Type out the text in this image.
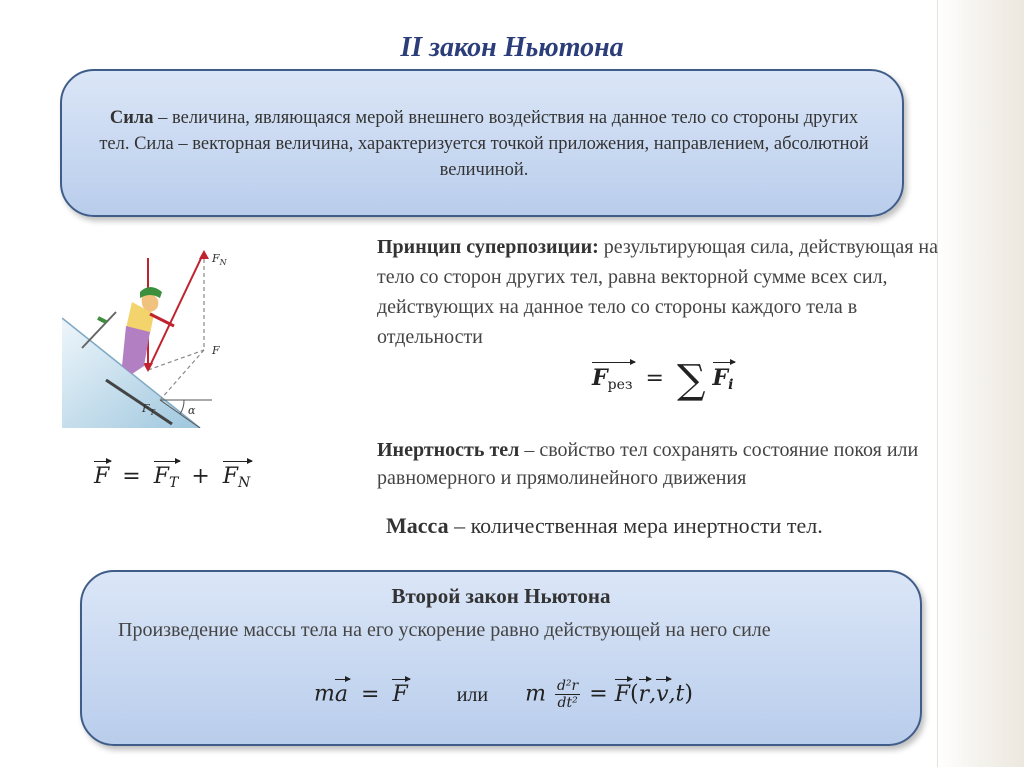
II закон Ньютона
Сила – величина, являющаяся мерой внешнего воздействия на данное тело со стороны других тел. Сила – векторная величина, характеризуется точкой приложения, направлением, абсолютной величиной.
α
$F_N$
F
$F_T$
$F = F_T + F_N$
Принцип суперпозиции: результирующая сила, действующая на тело со сторон других тел, равна векторной сумме всех сил, действующих на данное тело со стороны каждого тела в отдельности
$F_{рез}$ = ∑ $F_i$
Инертность тел – свойство тел сохранять состояние покоя или равномерного и прямолинейного движения
Масса – количественная мера инертности тел.
Второй закон Ньютона
Произведение массы тела на его ускорение равно действующей на него силе
ma = F или m $\frac{\text{d²r}}{\text{dt²}} = F(r,v,t)$
